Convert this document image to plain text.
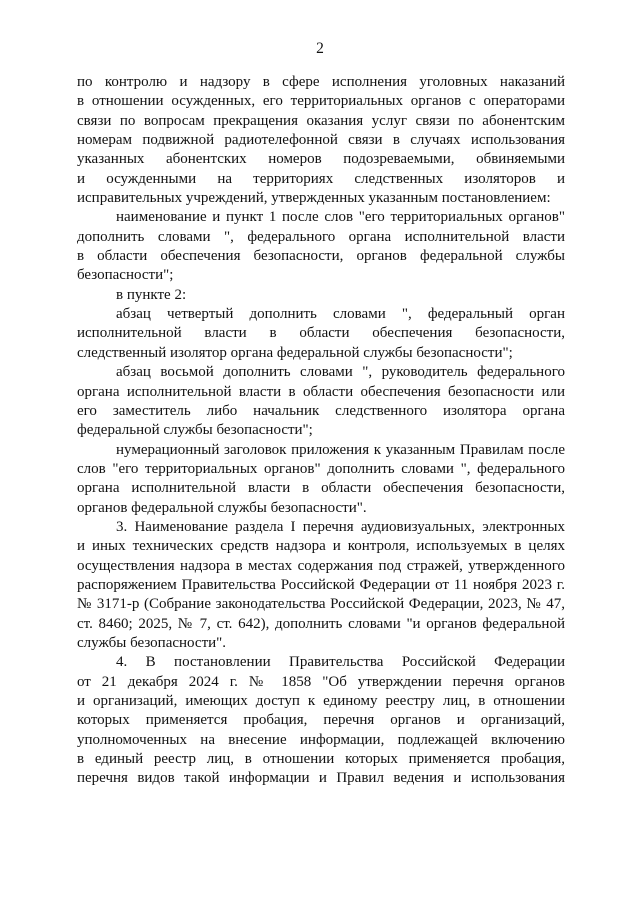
2
по контролю и надзору в сфере исполнения уголовных наказаний
в отношении осужденных, его территориальных органов с операторами
связи по вопросам прекращения оказания услуг связи по абонентским
номерам подвижной радиотелефонной связи в случаях использования
указанных абонентских номеров подозреваемыми, обвиняемыми
и осужденными на территориях следственных изоляторов и
исправительных учреждений, утвержденных указанным постановлением:
наименование и пункт 1 после слов "его территориальных органов"
дополнить словами ", федерального органа исполнительной власти
в области обеспечения безопасности, органов федеральной службы
безопасности";
в пункте 2:
абзац четвертый дополнить словами ", федеральный орган
исполнительной власти в области обеспечения безопасности,
следственный изолятор органа федеральной службы безопасности";
абзац восьмой дополнить словами ", руководитель федерального
органа исполнительной власти в области обеспечения безопасности или
его заместитель либо начальник следственного изолятора органа
федеральной службы безопасности";
нумерационный заголовок приложения к указанным Правилам после
слов "его территориальных органов" дополнить словами ", федерального
органа исполнительной власти в области обеспечения безопасности,
органов федеральной службы безопасности".
3. Наименование раздела I перечня аудиовизуальных, электронных
и иных технических средств надзора и контроля, используемых в целях
осуществления надзора в местах содержания под стражей, утвержденного
распоряжением Правительства Российской Федерации от 11 ноября 2023 г.
№ 3171-р (Собрание законодательства Российской Федерации, 2023, № 47,
ст. 8460; 2025, № 7, ст. 642), дополнить словами "и органов федеральной
службы безопасности".
4. В постановлении Правительства Российской Федерации
от 21 декабря 2024 г. № 1858 "Об утверждении перечня органов
и организаций, имеющих доступ к единому реестру лиц, в отношении
которых применяется пробация, перечня органов и организаций,
уполномоченных на внесение информации, подлежащей включению
в единый реестр лиц, в отношении которых применяется пробация,
перечня видов такой информации и Правил ведения и использования
